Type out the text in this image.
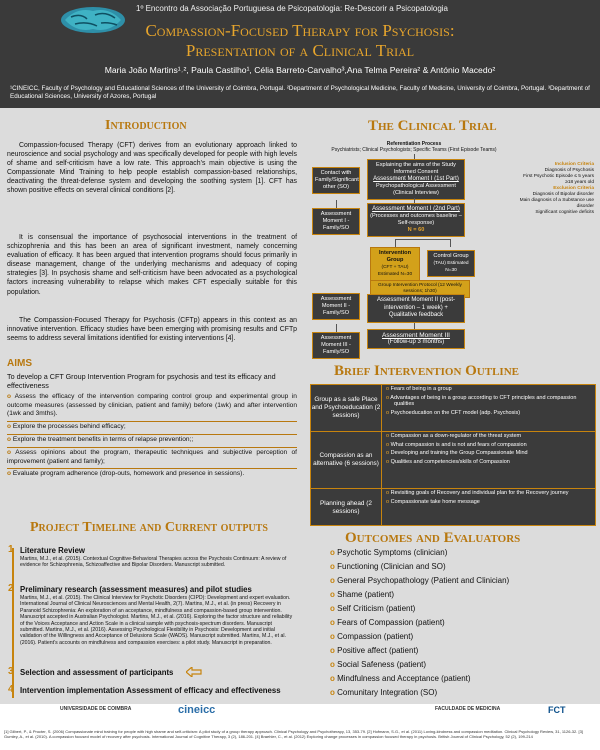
1º Encontro da Associação Portuguesa de Psicopatologia: Re-Descorir a Psicopatologia
Compassion-Focused Therapy for Psychosis:
Presentation of a Clinical Trial
Maria João Martins¹˒², Paula Castilho¹, Célia Barreto-Carvalho³,Ana Telma Pereira² & António Macedo²
¹CINEICC, Faculty of Psychology and Educational Sciences of the University of Coimbra, Portugal. ²Department of Psychological Medicine, Faculty of Medicine, University of Coimbra, Portugal. ³Department of Educational Sciences, University of Azores, Portugal
Introduction
Compassion-focused Therapy (CFT) derives from an evolutionary approach linked to neuroscience and social psychology and was specifically developed for people with high levels of shame and self-criticism have a low rate. This approach’s main objective is using the Compassionate Mind Training to help people establish compassion-based relationships, deactivating the threat-defense system and developing the soothing system [1]. CFT has shown positive effects on several clinical conditions [2].
It is consensual the importance of psychosocial interventions in the treatment of schizophrenia and this has been an area of significant investment, namely concerning evaluation of efficacy. It has been argued that intervention programs should focus primarily in disease management, change of the underlying mechanisms and adequacy of coping strategies [3]. In psychosis shame and self-criticism have been advocated as a psychological factors increasing vulnerability to relapse which makes CFT especially suitable for this population.
The Compassion-Focused Therapy for Psychosis (CFTp) appears in this context as an innovative intervention. Efficacy studies have been emerging with promising results and CFTp seems to address several limitations identified for existing interventions [4].
AIMS
To develop a CFT Group Intervention Program for psychosis and test its efficacy and effectiveness
o Assess the efficacy of the intervention comparing control group and experimental group in outcome measures (assessed by clinician, patient and family) before (1wk) and after intervention (1wk and 3mths).
o Explore the processes behind efficacy;
o Explore the treatment benefits in terms of relapse prevention;;
o Assess opinions about the program, therapeutic techniques and subjective perception of improvement (patient and family);
o Evaluate program adherence (drop-outs, homework and presence in sessions).
Project Timeline and Current outputs
1 Literature Review
Martins, M.J., et al. (2015). Contextual Cognitive-Behavioral Therapies across the Psychosis Continuum: A review of evidence for Schizophrenia, Schizoaffective and Bipolar Disorders. Manuscript submitted.
2 Preliminary research (assessment measures) and pilot studies
Martins, M.J., et al. (2015). The Clinical Interview for Psychotic Disorders (CIPD): Development and expert evaluation. International Journal of Clinical Neurosciences and Mental Health, 2(7). Martins, M.J., et al. (in press) Recovery in Paranoid Schizophrenia: An exploration of an acceptance, mindfulness and compassion-based group intervention. Manuscript accepted in Australian Psychologist. Martins, M.J., et al. (2016). Exploring the factor structure and reliability of the Voices Acceptance and Action Scale in a clinical sample with psychosis-spectrum disorders. Manuscript submitted. Martins, M.J., et al. (2016). Assessing Psychological Flexibility in Psychosis: Development and initial validation of the Willingness and Acceptance of Delusions Scale (WADS). Manuscript submitted. Martins, M.J., et al. (2016). Patient’s accounts on mindfulness and compassion exercises: a pilot study. Manuscript in preparation.
3 Selection and assessment of participants
4 Intervention implementation Assessment of efficacy and effectiveness
The Clinical Trial
Referentiation Process
Psychiatrists; Clinical Psychologists; Specific Teams (First Episode Teams)
Explaining the aims of the Study Informed Consent
Assessment Moment I (1st Part)
Psychopathological Assessment (Clinical Interview)
Contact with Family/Significant other (SO)
Assessment Moment I - Family/SO
Assessment Moment I (2nd Part)
(Processes and outcomes baseline – Self-response)
N = 60
Intervention Group
(CFT + TAU) Estimated N=30
Control Group
(TAU) Estimated N=30
Group Intervention Protocol (12 Weekly sessions; 1h30)
Assessment Moment II - Family/SO
Assessment Moment II (post-intervention – 1 week) + Qualitative feedback
Assessment Moment III - Family/SO
Assessment Moment III
(Follow-up 3 months)
Inclusion Criteria
Diagnosis of Psychosis
First Psychotic Episode ≤ 5 years
≥18 years old
Exclusion Criteria
Diagnosis of Bipolar disorder
Main diagnosis of a Substance use disorder
Significant cognitive deficits
Brief Intervention Outline
Group as a safe Place and Psychoeducation (2 sessions)
o Fears of being in a group
o Advantages of being in a group according to CFT principles and compassion qualities
o Psychoeducation on the CFT model (adp. Psychosis)
Compassion as an alternative (6 sessions)
o Compassion as a down-regulator of the threat system
o What compassion is and is not and fears of compassion
o Developing and training the Group Compassionate Mind
o Qualities and competencies/skills of Compassion
Planning ahead (2 sessions)
o Revisiting goals of Recovery and individual plan for the Recovery journey
o Compassionate take home message
Outcomes and Evaluators
o Psychotic Symptoms (clinician)
o Functioning (Clinician and SO)
o General Psychopathology (Patient and Clinician)
o Shame (patient)
o Self Criticism (patient)
o Fears of Compassion (patient)
o Compassion (patient)
o Positive affect (patient)
o Social Safeness (patient)
o Mindfulness and Acceptance (patient)
o Comunitary Integration (SO)
UNIVERSIDADE DE COIMBRA	cineicc	FACULDADE DE MEDICINA	FCT
[1] Gilbert, P., & Procter, S. (2006) Compassionate mind training for people with high shame and self-criticism: A pilot study of a group therapy approach. Clinical Psychology and Psychotherapy, 13, 353-79. [2] Hofmann, S.G., et al. (2011) Loving-kindness and compassion meditation. Clinical Psychology Review, 31, 1126-32. [3] Gumley, A., et al. (2010). A compassion focused model of recovery after psychosis. International Journal of Cognitive Therapy, 3 (2), 186-201. [4] Braehler, C., et al. (2012) Exploring change processes in compassion focused therapy in psychosis. British Journal of Clinical Psychology, 52 (2), 199-214
